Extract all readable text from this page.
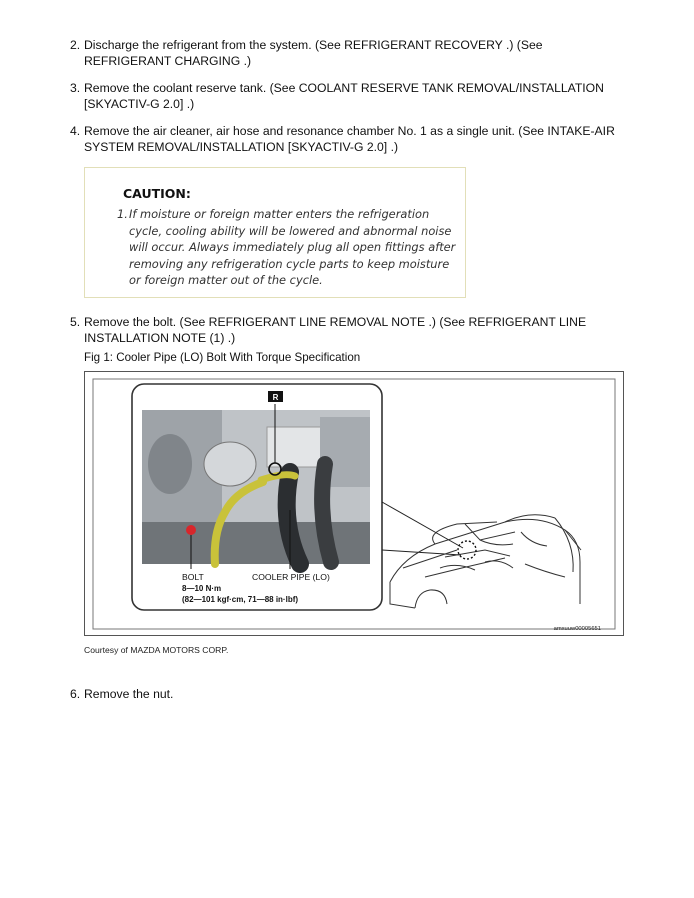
2. Discharge the refrigerant from the system. (See REFRIGERANT RECOVERY .) (See
REFRIGERANT CHARGING .)
3. Remove the coolant reserve tank. (See COOLANT RESERVE TANK REMOVAL/INSTALLATION
[SKYACTIV-G 2.0] .)
4. Remove the air cleaner, air hose and resonance chamber No. 1 as a single unit. (See INTAKE-AIR
SYSTEM REMOVAL/INSTALLATION [SKYACTIV-G 2.0] .)
CAUTION:
1. If moisture or foreign matter enters the refrigeration
cycle, cooling ability will be lowered and abnormal noise
will occur. Always immediately plug all open fittings after
removing any refrigeration cycle parts to keep moisture
or foreign matter out of the cycle.
5. Remove the bolt. (See REFRIGERANT LINE REMOVAL NOTE .) (See REFRIGERANT LINE
INSTALLATION NOTE (1) .)
Fig 1: Cooler Pipe (LO) Bolt With Torque Specification
R
BOLT
8—10 N·m
(82—101 kgf·cm, 71—88 in·lbf)
COOLER PIPE (LO)
amxuuw00005651
Courtesy of MAZDA MOTORS CORP.
6. Remove the nut.
